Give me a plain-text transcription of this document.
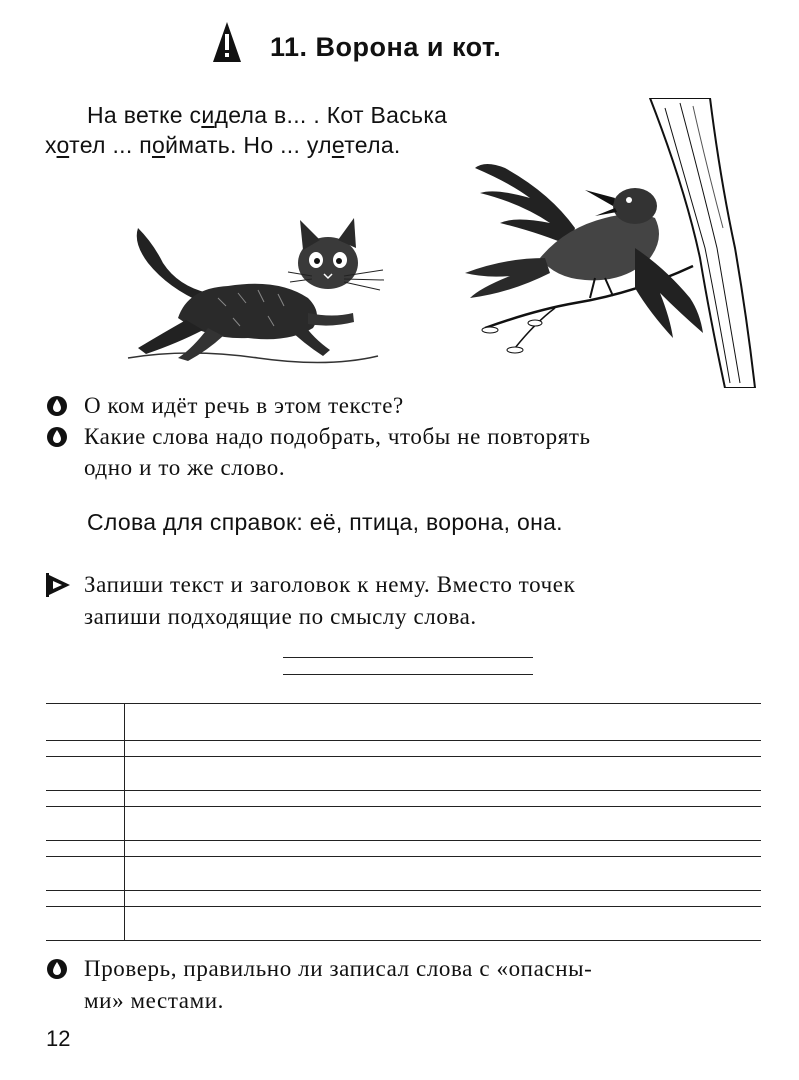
11. Ворона и кот.
На ветке сидела в... . Кот Васька
хотел ... поймать. Но ... улетела.
О ком идёт речь в этом тексте?
Какие слова надо подобрать, чтобы не повторять
одно и то же слово.
Слова для справок: её, птица, ворона, она.
Запиши текст и заголовок к нему. Вместо точек
запиши подходящие по смыслу слова.
Проверь, правильно ли записал слова с «опасны-
ми» местами.
12
